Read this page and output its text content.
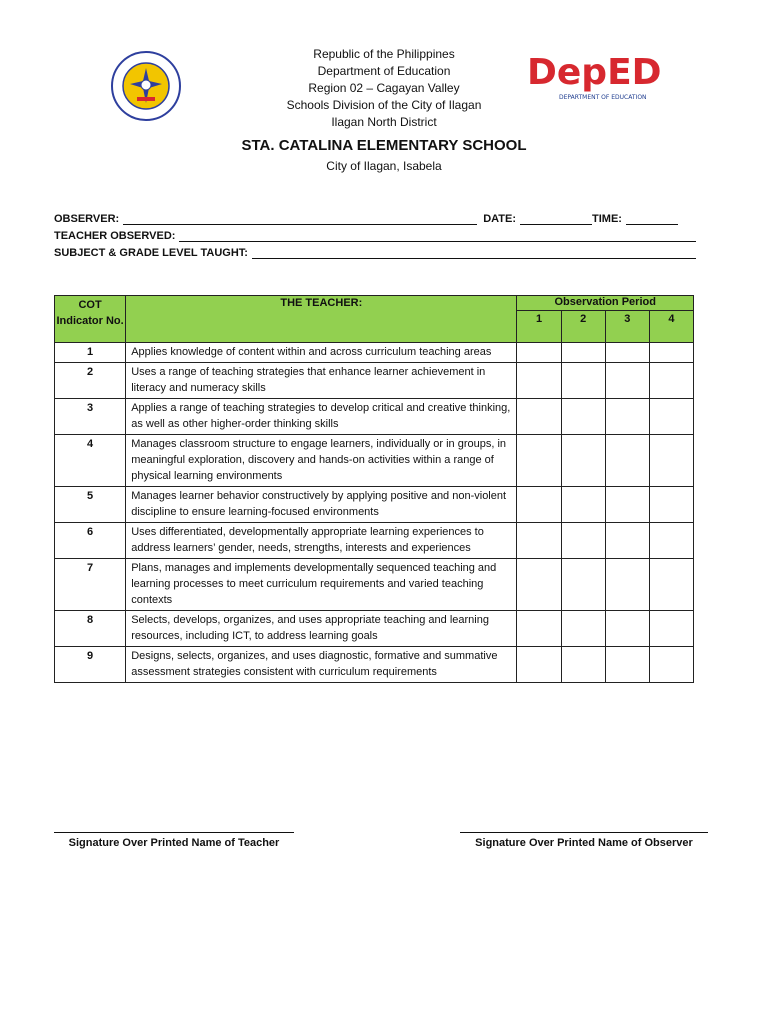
DepED
DEPARTMENT OF EDUCATION
Republic of the Philippines
Department of Education
Region 02 – Cagayan Valley
Schools Division of the City of Ilagan
Ilagan North District
STA. CATALINA ELEMENTARY SCHOOL
City of Ilagan, Isabela
OBSERVER:	DATE:	TIME:
TEACHER OBSERVED:
SUBJECT & GRADE LEVEL TAUGHT:
COT Indicator No.	THE TEACHER:	Observation Period			
		1	2	3	4
1	Applies knowledge of content within and across curriculum teaching areas				
2	Uses a range of teaching strategies that enhance learner achievement in literacy and numeracy skills				
3	Applies a range of teaching strategies to develop critical and creative thinking, as well as other higher-order thinking skills				
4	Manages classroom structure to engage learners, individually or in groups, in meaningful exploration, discovery and hands-on activities within a range of physical learning environments				
5	Manages learner behavior constructively by applying positive and non-violent discipline to ensure learning-focused environments				
6	Uses differentiated, developmentally appropriate learning experiences to address learners’ gender, needs, strengths, interests and experiences				
7	Plans, manages and implements developmentally sequenced teaching and learning processes to meet curriculum requirements and varied teaching contexts				
8	Selects, develops, organizes, and uses appropriate teaching and learning resources, including ICT, to address learning goals				
9	Designs, selects, organizes, and uses diagnostic, formative and summative assessment strategies consistent with curriculum requirements				
Signature Over Printed Name of Teacher	Signature Over Printed Name of Observer
